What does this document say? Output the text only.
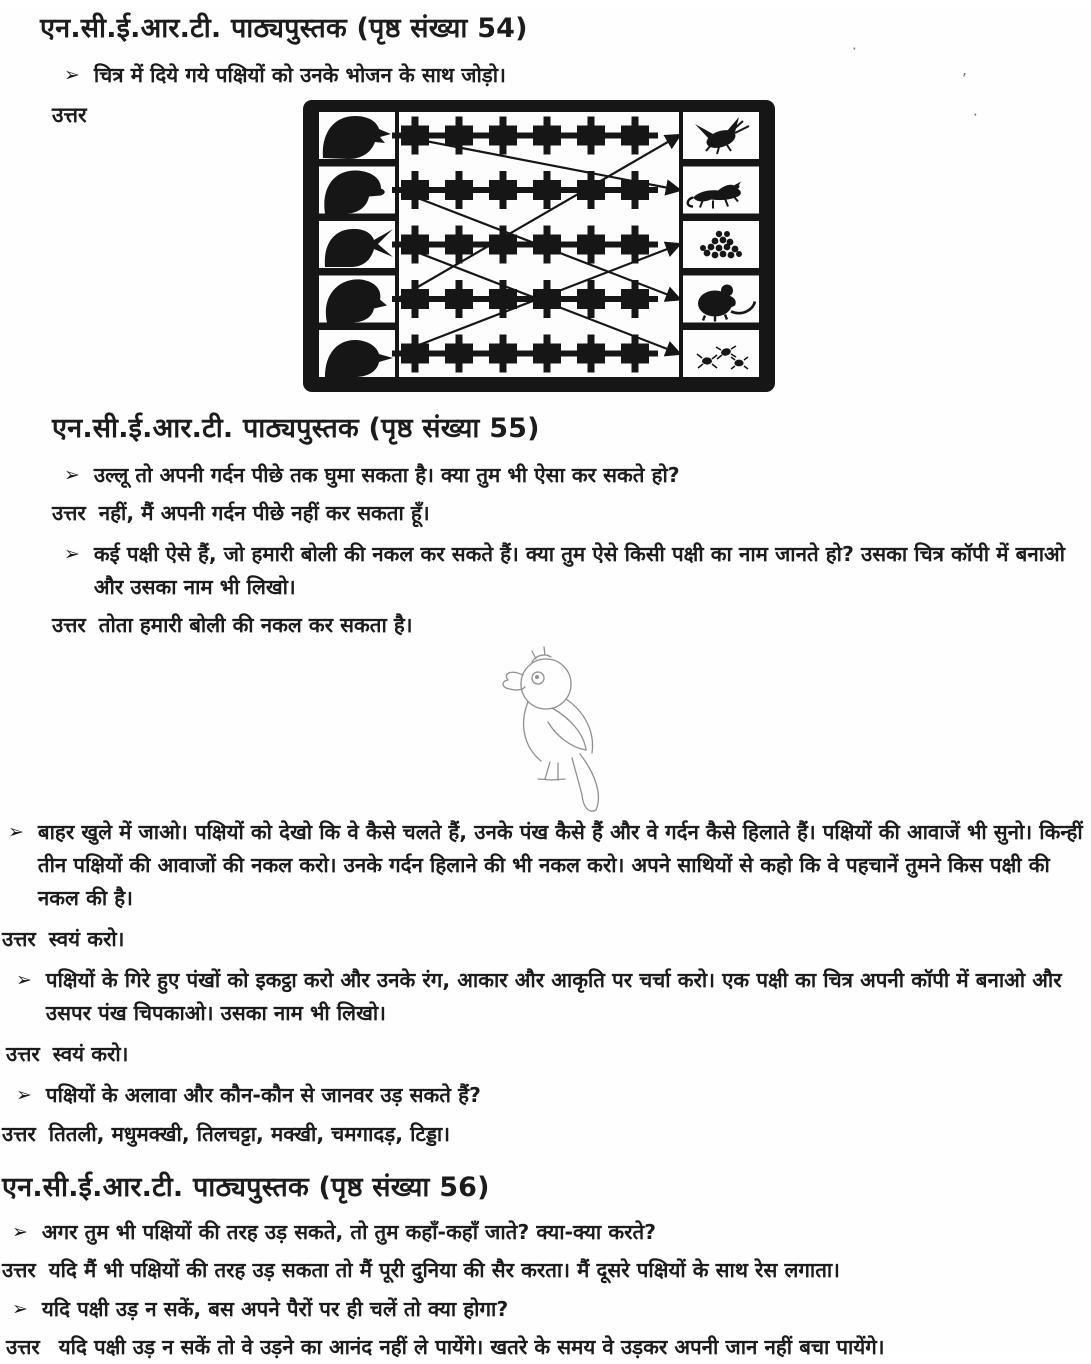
एन.सी.ई.आर.टी. पाठ्यपुस्तक (पृष्ठ संख्या 54)
➢ चित्र में दिये गये पक्षियों को उनके भोजन के साथ जोड़ो।
उत्तर
एन.सी.ई.आर.टी. पाठ्यपुस्तक (पृष्ठ संख्या 55)
➢ उल्लू तो अपनी गर्दन पीछे तक घुमा सकता है। क्या तुम भी ऐसा कर सकते हो?
उत्तर नहीं, मैं अपनी गर्दन पीछे नहीं कर सकता हूँ।
➢ कई पक्षी ऐसे हैं, जो हमारी बोली की नकल कर सकते हैं। क्या तुम ऐसे किसी पक्षी का नाम जानते हो? उसका चित्र कॉपी में बनाओ और उसका नाम भी लिखो।
उत्तर तोता हमारी बोली की नकल कर सकता है।
➢ बाहर खुले में जाओ। पक्षियों को देखो कि वे कैसे चलते हैं, उनके पंख कैसे हैं और वे गर्दन कैसे हिलाते हैं। पक्षियों की आवाजें भी सुनो। किन्हीं तीन पक्षियों की आवाजों की नकल करो। उनके गर्दन हिलाने की भी नकल करो। अपने साथियों से कहो कि वे पहचानें तुमने किस पक्षी की नकल की है।
उत्तर स्वयं करो।
➢ पक्षियों के गिरे हुए पंखों को इकट्ठा करो और उनके रंग, आकार और आकृति पर चर्चा करो। एक पक्षी का चित्र अपनी कॉपी में बनाओ और उसपर पंख चिपकाओ। उसका नाम भी लिखो।
उत्तर स्वयं करो।
➢ पक्षियों के अलावा और कौन-कौन से जानवर उड़ सकते हैं?
उत्तर तितली, मधुमक्खी, तिलचट्टा, मक्खी, चमगादड़, टिड्डा।
एन.सी.ई.आर.टी. पाठ्यपुस्तक (पृष्ठ संख्या 56)
➢ अगर तुम भी पक्षियों की तरह उड़ सकते, तो तुम कहाँ-कहाँ जाते? क्या-क्या करते?
उत्तर यदि मैं भी पक्षियों की तरह उड़ सकता तो मैं पूरी दुनिया की सैर करता। मैं दूसरे पक्षियों के साथ रेस लगाता।
➢ यदि पक्षी उड़ न सकें, बस अपने पैरों पर ही चलें तो क्या होगा?
उत्तर यदि पक्षी उड़ न सकें तो वे उड़ने का आनंद नहीं ले पायेंगे। खतरे के समय वे उड़कर अपनी जान नहीं बचा पायेंगे।
·
’
·
